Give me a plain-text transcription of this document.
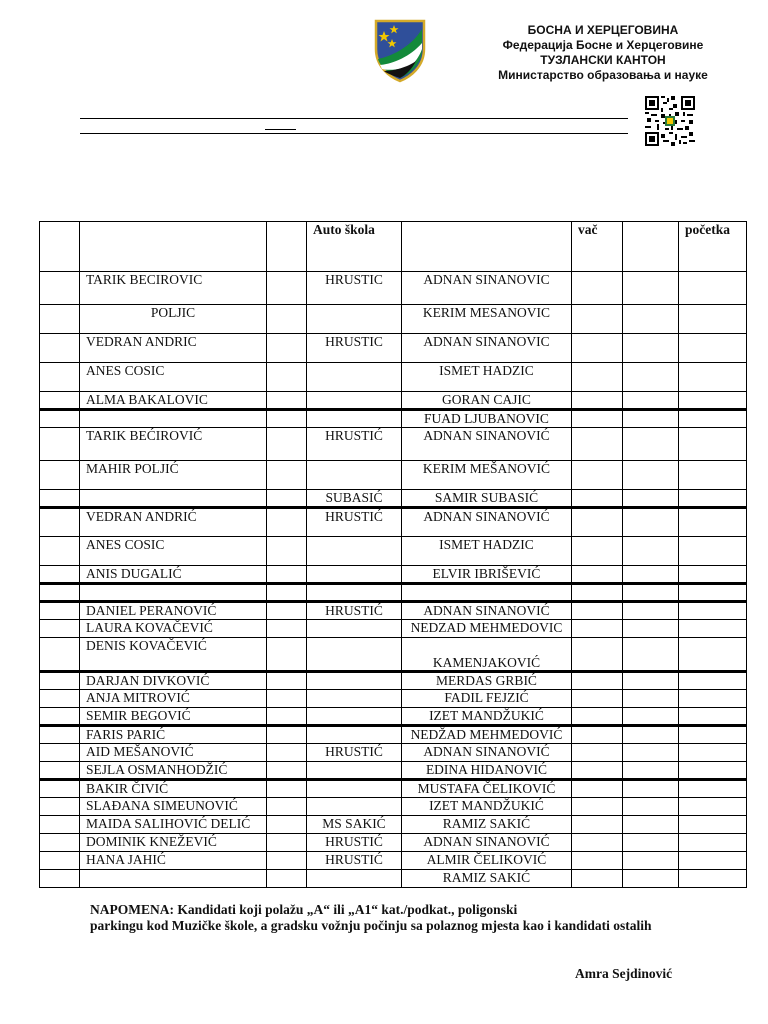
БОСНА И ХЕРЦЕГОВИНА
Федерација Босне и Херцеговине
ТУЗЛАНСКИ КАНТОН
Министарство образовања и науке
			Auto škola		vač		početka
	TARIK BECIROVIC		HRUSTIC	ADNAN SINANOVIC			
	POLJIC			KERIM MESANOVIC			
	VEDRAN ANDRIC		HRUSTIC	ADNAN SINANOVIC			
	ANES COSIC			ISMET HADZIC			
	ALMA BAKALOVIC			GORAN CAJIC			
				FUAD LJUBANOVIC			
	TARIK BEĆIROVIĆ		HRUSTIĆ	ADNAN SINANOVIĆ			
	MAHIR POLJIĆ			KERIM MEŠANOVIĆ			
			SUBASIĆ	SAMIR SUBASIĆ			
	VEDRAN ANDRIĆ		HRUSTIĆ	ADNAN SINANOVIĆ			
	ANES COSIC			ISMET HADZIC			
	ANIS DUGALIĆ			ELVIR IBRIŠEVIĆ			

	DANIEL PERANOVIĆ		HRUSTIĆ	ADNAN SINANOVIĆ			
	LAURA KOVAČEVIĆ			NEDZAD MEHMEDOVIC			
	DENIS KOVAČEVIĆ			KAMENJAKOVIĆ			
	DARJAN DIVKOVIĆ			MERDAS GRBIĆ			
	ANJA MITROVIĆ			FADIL FEJZIĆ			
	SEMIR BEGOVIĆ			IZET MANDŽUKIĆ			
	FARIS PARIĆ			NEDŽAD MEHMEDOVIĆ			
	AID MEŠANOVIĆ		HRUSTIĆ	ADNAN SINANOVIĆ			
	SEJLA OSMANHODŽIĆ			EDINA HIDANOVIĆ			
	BAKIR ČIVIĆ			MUSTAFA ČELIKOVIĆ			
	SLAĐANA SIMEUNOVIĆ			IZET MANDŽUKIĆ			
	MAIDA SALIHOVIĆ DELIĆ		MS SAKIĆ	RAMIZ SAKIĆ			
	DOMINIK KNEŽEVIĆ		HRUSTIĆ	ADNAN SINANOVIĆ			
	HANA JAHIĆ		HRUSTIĆ	ALMIR ČELIKOVIĆ			
				RAMIZ SAKIĆ			
NAPOMENA: Kandidati koji polažu „A“ ili „A1“ kat./podkat., poligonski
parkingu kod Muzičke škole, a gradsku vožnju počinju sa polaznog mjesta kao i kandidati ostalih
Amra Sejdinović
